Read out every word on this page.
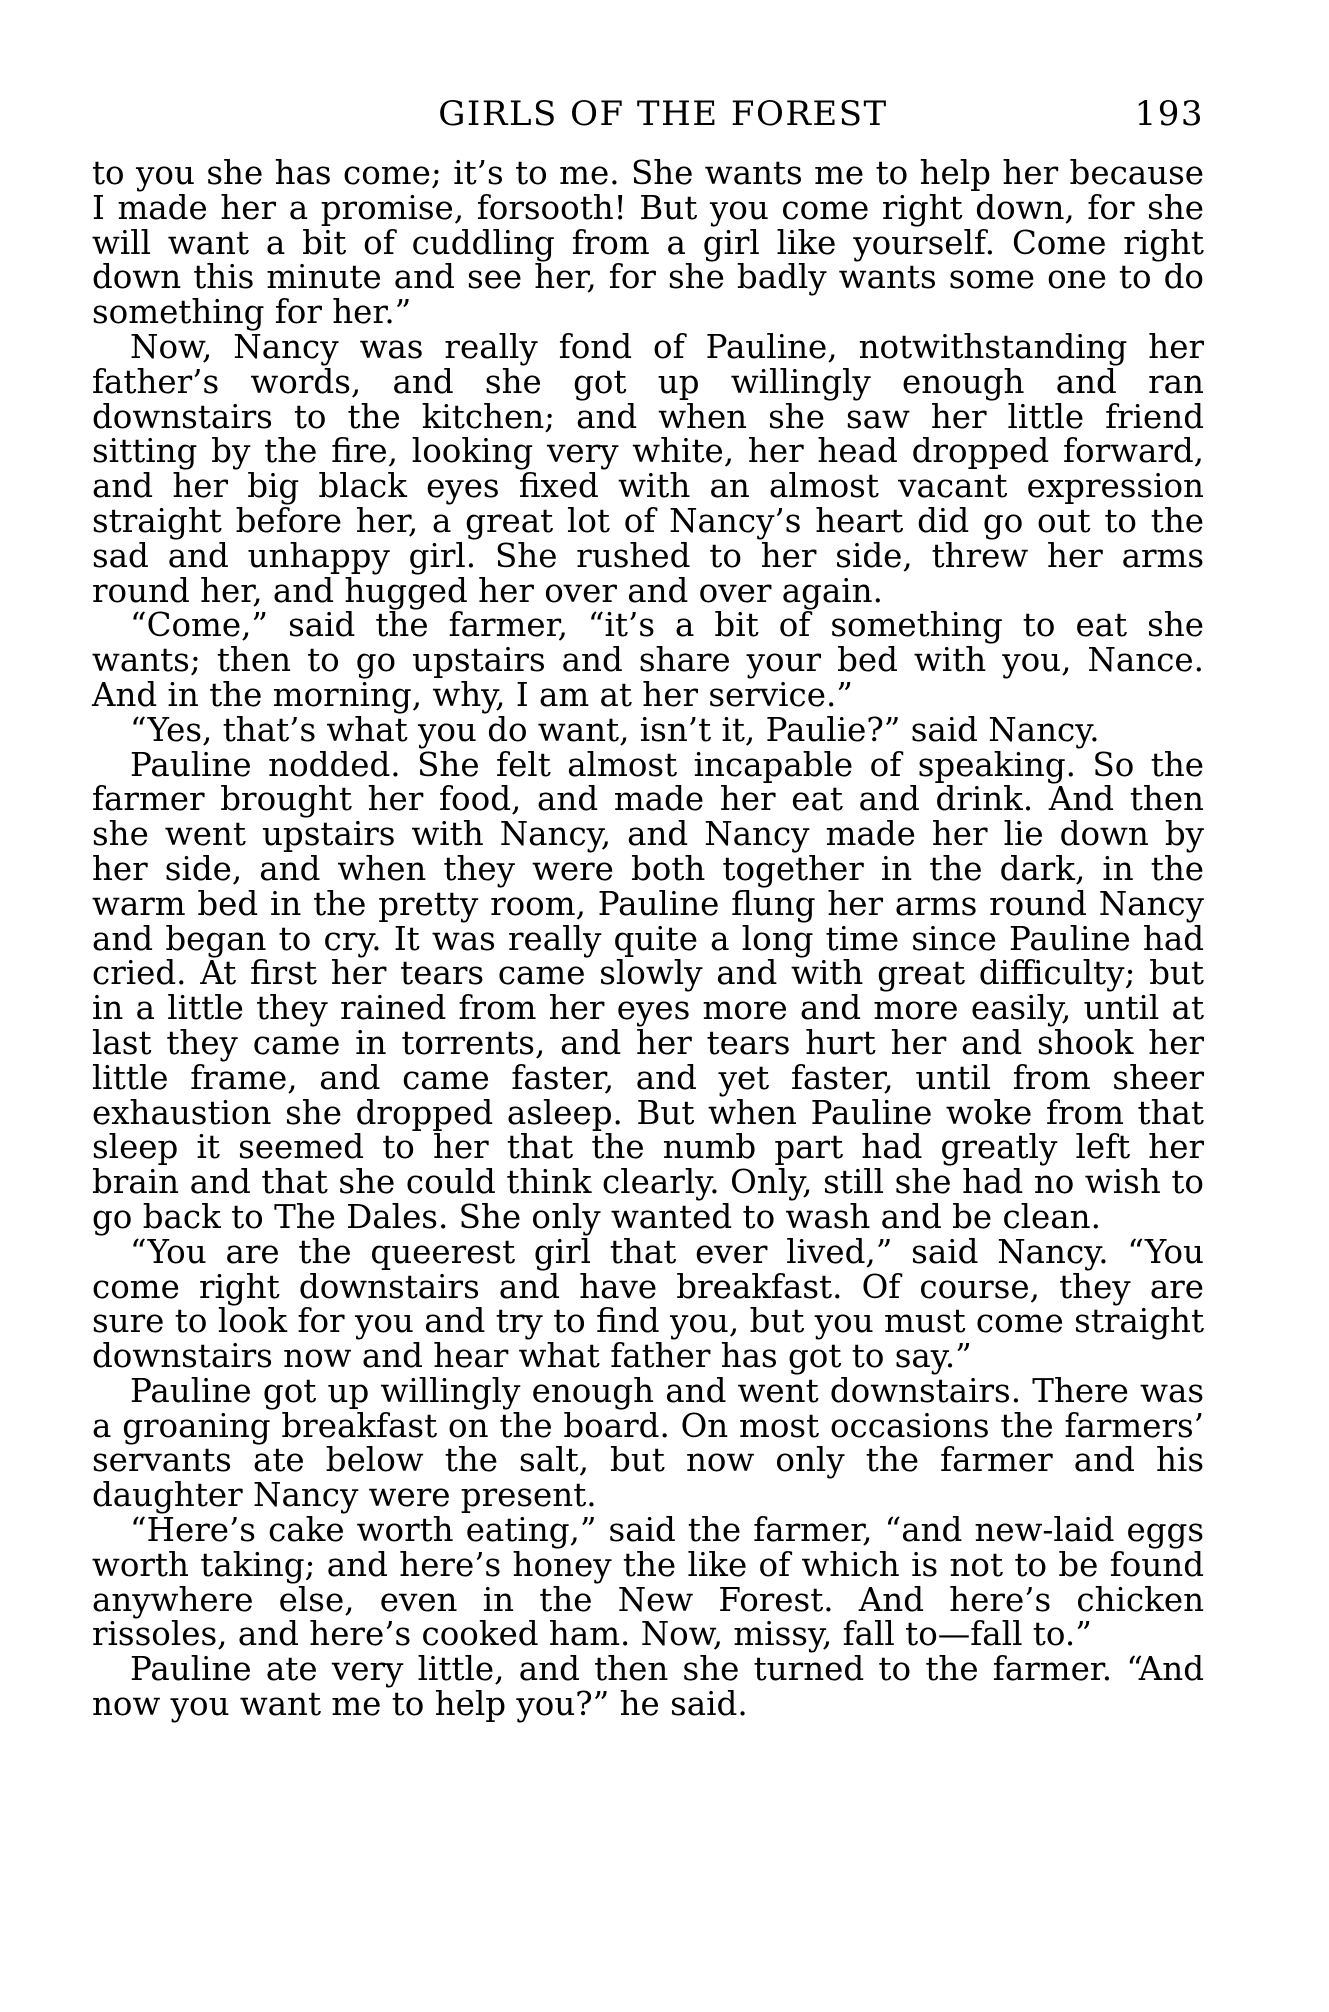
GIRLS OF THE FOREST	193

to you she has come; it’s to me. She wants me to help her because I made her a promise, forsooth! But you come right down, for she will want a bit of cuddling from a girl like yourself. Come right down this minute and see her, for she badly wants some one to do something for her.”

Now, Nancy was really fond of Pauline, notwithstanding her father’s words, and she got up willingly enough and ran downstairs to the kitchen; and when she saw her little friend sitting by the fire, looking very white, her head dropped forward, and her big black eyes fixed with an almost vacant expression straight before her, a great lot of Nancy’s heart did go out to the sad and unhappy girl. She rushed to her side, threw her arms round her, and hugged her over and over again.

“Come,” said the farmer, “it’s a bit of something to eat she wants; then to go upstairs and share your bed with you, Nance. And in the morning, why, I am at her service.”

“Yes, that’s what you do want, isn’t it, Paulie?” said Nancy.

Pauline nodded. She felt almost incapable of speaking. So the farmer brought her food, and made her eat and drink. And then she went upstairs with Nancy, and Nancy made her lie down by her side, and when they were both together in the dark, in the warm bed in the pretty room, Pauline flung her arms round Nancy and began to cry. It was really quite a long time since Pauline had cried. At first her tears came slowly and with great difficulty; but in a little they rained from her eyes more and more easily, until at last they came in torrents, and her tears hurt her and shook her little frame, and came faster, and yet faster, until from sheer exhaustion she dropped asleep. But when Pauline woke from that sleep it seemed to her that the numb part had greatly left her brain and that she could think clearly. Only, still she had no wish to go back to The Dales. She only wanted to wash and be clean.

“You are the queerest girl that ever lived,” said Nancy. “You come right downstairs and have breakfast. Of course, they are sure to look for you and try to find you, but you must come straight downstairs now and hear what father has got to say.”

Pauline got up willingly enough and went downstairs. There was a groaning breakfast on the board. On most occasions the farmers’ servants ate below the salt, but now only the farmer and his daughter Nancy were present.

“Here’s cake worth eating,” said the farmer, “and new-laid eggs worth taking; and here’s honey the like of which is not to be found anywhere else, even in the New Forest. And here’s chicken rissoles, and here’s cooked ham. Now, missy, fall to—fall to.”

Pauline ate very little, and then she turned to the farmer. “And now you want me to help you?” he said.
